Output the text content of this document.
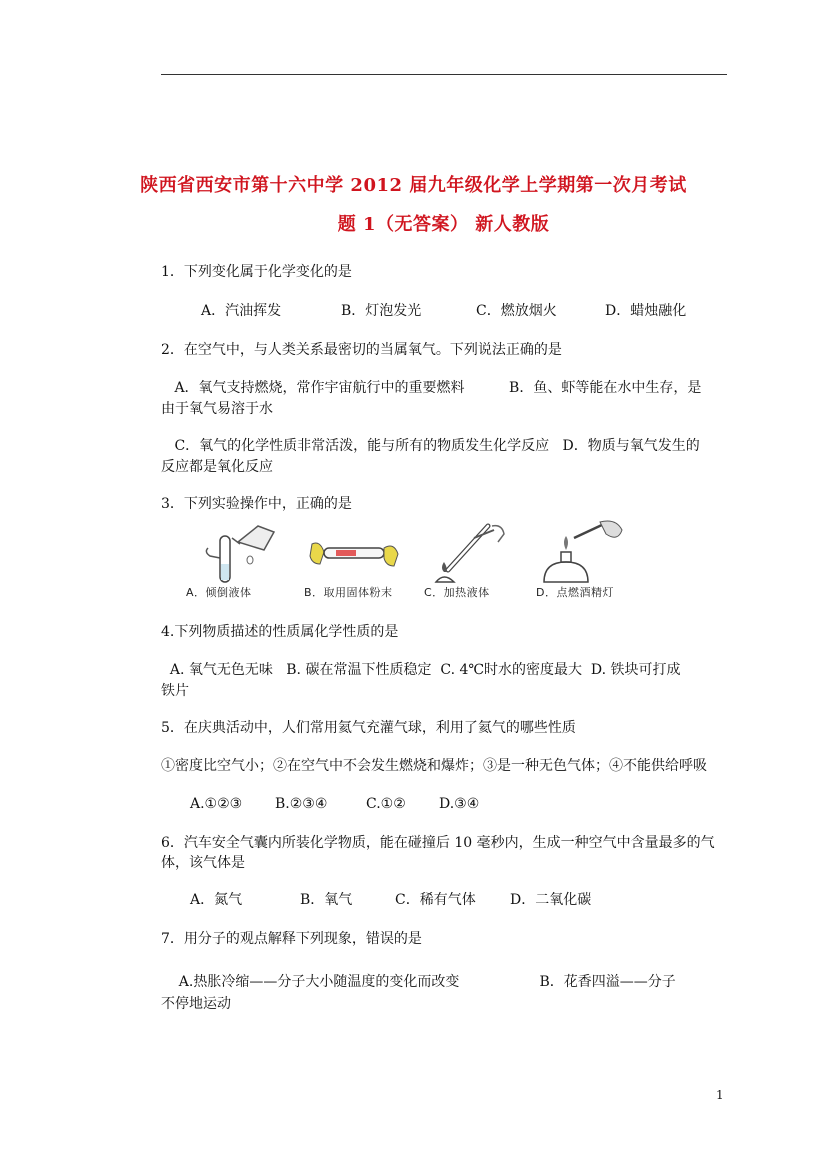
陕西省西安市第十六中学 2012 届九年级化学上学期第一次月考试
题 1（无答案） 新人教版
1．下列变化属于化学变化的是
A．汽油挥发	B．灯泡发光	C．燃放烟火	D．蜡烛融化
2．在空气中，与人类关系最密切的当属氧气。下列说法正确的是
A．氧气支持燃烧，常作宇宙航行中的重要燃料          B．鱼、虾等能在水中生存，是
由于氧气易溶于水
C．氧气的化学性质非常活泼，能与所有的物质发生化学反应   D．物质与氧气发生的
反应都是氧化反应
3．下列实验操作中，正确的是
A．倾倒液体	B．取用固体粉末	C．加热液体	D．点燃酒精灯
4.下列物质描述的性质属化学性质的是
A. 氧气无色无味   B. 碳在常温下性质稳定  C. 4℃时水的密度最大  D. 铁块可打成
铁片
5．在庆典活动中，人们常用氦气充灌气球，利用了氦气的哪些性质
①密度比空气小；②在空气中不会发生燃烧和爆炸；③是一种无色气体；④不能供给呼吸
A.①②③ B.②③④	C.①② D.③④
6．汽车安全气囊内所装化学物质，能在碰撞后 10 毫秒内，生成一种空气中含量最多的气
体，该气体是
A．氮气	B．氧气	C．稀有气体 D．二氧化碳
7．用分子的观点解释下列现象，错误的是
A.热胀冷缩——分子大小随温度的变化而改变                  B．花香四溢——分子
不停地运动
1
